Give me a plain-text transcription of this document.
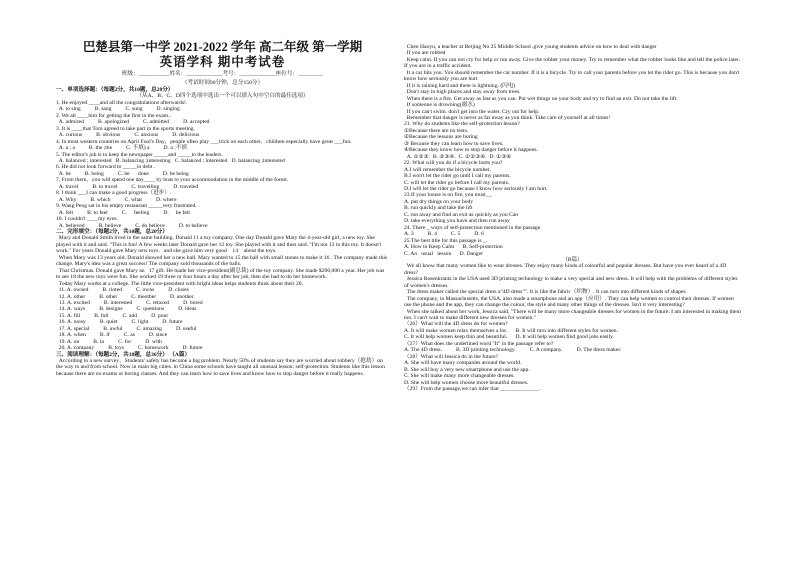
巴楚县第一中学 2021-2022 学年 高二年级 第一学期
英语学科 期中考试卷
班级：___________姓名：_____________考号：_____________座位号：_________
（考试时间90分钟，总分150分）
一、单项选择题：（每题2分，共10题，总20分）
（从A、B、C、D四个选项中选出一个可以填入句中空白的最佳选项）
1. He enjoyed ____and all the congratulations afterwards!.
A. to sing          B. sang          C. sung          D. singing
2. We all ____him for getting the first in the exam..
A. admired          B. apologized          C. admitted          D. accepted
3. It is ____that Tom agreed to take part in the sports meeting.
A. curious          B. obvious          C. anxious          D. delicious
4. In most western countries on April Fool's Day，people often play ___trick on each other，children especially have great ___fun.
A. a ; a          B. the ;the          C. 不填) a          D. a ;不填
5. The editor's job is to keep the newspaper _____and _____to the leaders.
A. balanced ; interested   B. balancing ;interesting   C. balanced ; interested   D. balancing ;interested
6. He did not look forward to _____in debt .
A. be          B. being          C. be      done          D. be being
7. From there，you will spend one day____ by boat to your accommodation in the middle of the forest.
A. travel          B. to travel          C. travelling          D. traveled
8. I think ___I can make a good progress（进步）.
A. Why          B. which          C. what          D. where
9. Wang Peng sat in his empty restaurant _____very frustrated. .
A. felt          B. to feel          C.     feeling          D.     be felt
10. I couldn't ____my eyes.
A. believed          B. believe          C. do believe          D. to believe
二、完形填空：（每题2分，共10题，总20分）
Mary and Donald Smith lived in the same building. Donald 11 a toy company. One day Donald gave Mary the 4-year-old girl, a new toy. She played with it and said. "This is fun! A few weeks later Donald gave her 12 toy. She played with it and then said. "I'm not 13 in this toy. It doesn't work." For years Donald gave Mary new toys.   and she gave him very good    14    about the toys.
When Mary was 13 years old. Donald showed her a new ball. Mary wanted to 15 the ball with small stones to make it 16 . The company made this change. Mary's idea was a great success! The company sold thousands of the balls.
That Christmas. Donald gave Mary an   17 gift. He made her vice-president(副总裁) of the toy company. She made $200,000 a year. Her job was to see 18 the new toys were fun. She worked 19 three or four hours a day after her job, then she had to do her homework.
Today Mary works at a college. The little vice-president with bright ideas helps students think about their 20.
11. A. owned          B. rioted          C. owns          D. closes
12. A. other          B. other          C. theother          D. another
13. A. excited          B. interested          C. relaxed          D. bored
14. A. ways          B. designs          C. questions          D. ideas
15. A. fill          B. full          C. add          D. pour
16. A. noisy          B. quiet          C. light          D. future
17. A. special          B. awful          C. amazing          D. useful
18. A. when          B. if          C. as          D. since
19. A. on          B. in          C. for          D. with
20. A. company          B. toys          C. homework          D. future
三、阅读理解：（每题2分，共18题，总36分） （A篇）
According to a new survey，Students' safety has become a big problem .Nearly 50% of students say they are worried about robbery（抢劫）on the way to and from school. Now in main big cities. in China some schools have taught all unusual lesson: self-protection. Students like this lesson because there are no exams or boring classes. And they can learn how to save lives and know how to stop danger before it really happens.
Chen Haoyu, a teacher at Beijing No 25 Middle School .give young students advice on how to deal with danger
If you are robbed
Keep calm. If you can not cry for help or run away. Give the robber your money. Try to remember what the robber looks like and tell the police later. If you are in a traffic accident.
It a car hits you. You should remember the car number. If it is a bicycle. Try to call your parents before you let the rider go. This is because you don't know how seriously you are hurt
If it is raining hard and there is lightning. (闪电)
Don't stay in high places and stay away from trees.
When there is a fire. Get away as fast as you can. Put wet things on your body and try to find an exit. Do not take the lift.
If someone is drowning(溺水)
If you can't swim. don't get into the water. Cry out for help.
Remember that danger is never as far away as you think. Take care of yourself at all times!
21. Why do students like the self-protection lesson?
①Because there are no tests.
②Because the lessons are boring
③ Because they can learn how to save lives.
④Because they know how to stop danger before it happens.
A. ①②③.  B. ②③④.  C. ①②③④.  D. ①③④
22. What will you do if a bicycle hurts you?
A.I will remember the bicycle number.
B.I won't let the rider go until I call my parents.
C. will let the rider go before I call my parents.
D.I will let the rider go because I know how seriously I am hurt.
23.If your house is on fire, you must__.
A. put dry things on your body
B. run quickly and take the lift
C. run away and find an exit as quickly as you Can
D. take everything you have and then run away
24. There _ ways of self-protection mentioned in the passage.
A. 3          B. 4          C. 5          D. 6
25.The best title for this passage is _.
A. How to Keep Calm      B. Self-protection
C. An   usual   lesson      D. Danger
（B篇）
We all know that many women like to wear dresses. They enjoy many kinds of colourful and popular dresses. But have you ever heard of a 4D dress?
Jessica Rosenkrantz in the USA used 3D printing technology to make a very special and new dress. It will help with the problems of different styles of women's dresses.
The dress maker called the special dress a"4D dress"". It is like the fabric（织物）. It can turn into different kinds of shapes.
The company, in Massachusetts, the USA, also made a smartphone and an app（应用）. They can help women to control their dresses. If women use the phone and the app, they can change the colour, the style and many other things of the dresses. Isn't it very interesting?
When she talked about her work, Jessica said, "There will be many more changeable dresses for women in the future. I am interested in making them too. I can't wait to make different new dresses for women."
（26）What will the 4D dress do for women?
A. It will make women relax themselves a lot.      B. It will turn into different styles for women.
C. It will help women keep thin and beautiful.      D. It will help women find good jobs easily.
（27）What does the underlined word "It" in the passage refer to?
A. The 4D dress.          B. 3D printing technology.          C. A company.          D. The dress maker.
（28）What will Jessica do in the future?
A. She will have many companies around the world.
B. She will buy a very new smartphone and use the app.
C. She will make many more changeable dresses.
D. She will help women choose more beautiful dresses.
（29）From the passage,we can infer that ______________.
